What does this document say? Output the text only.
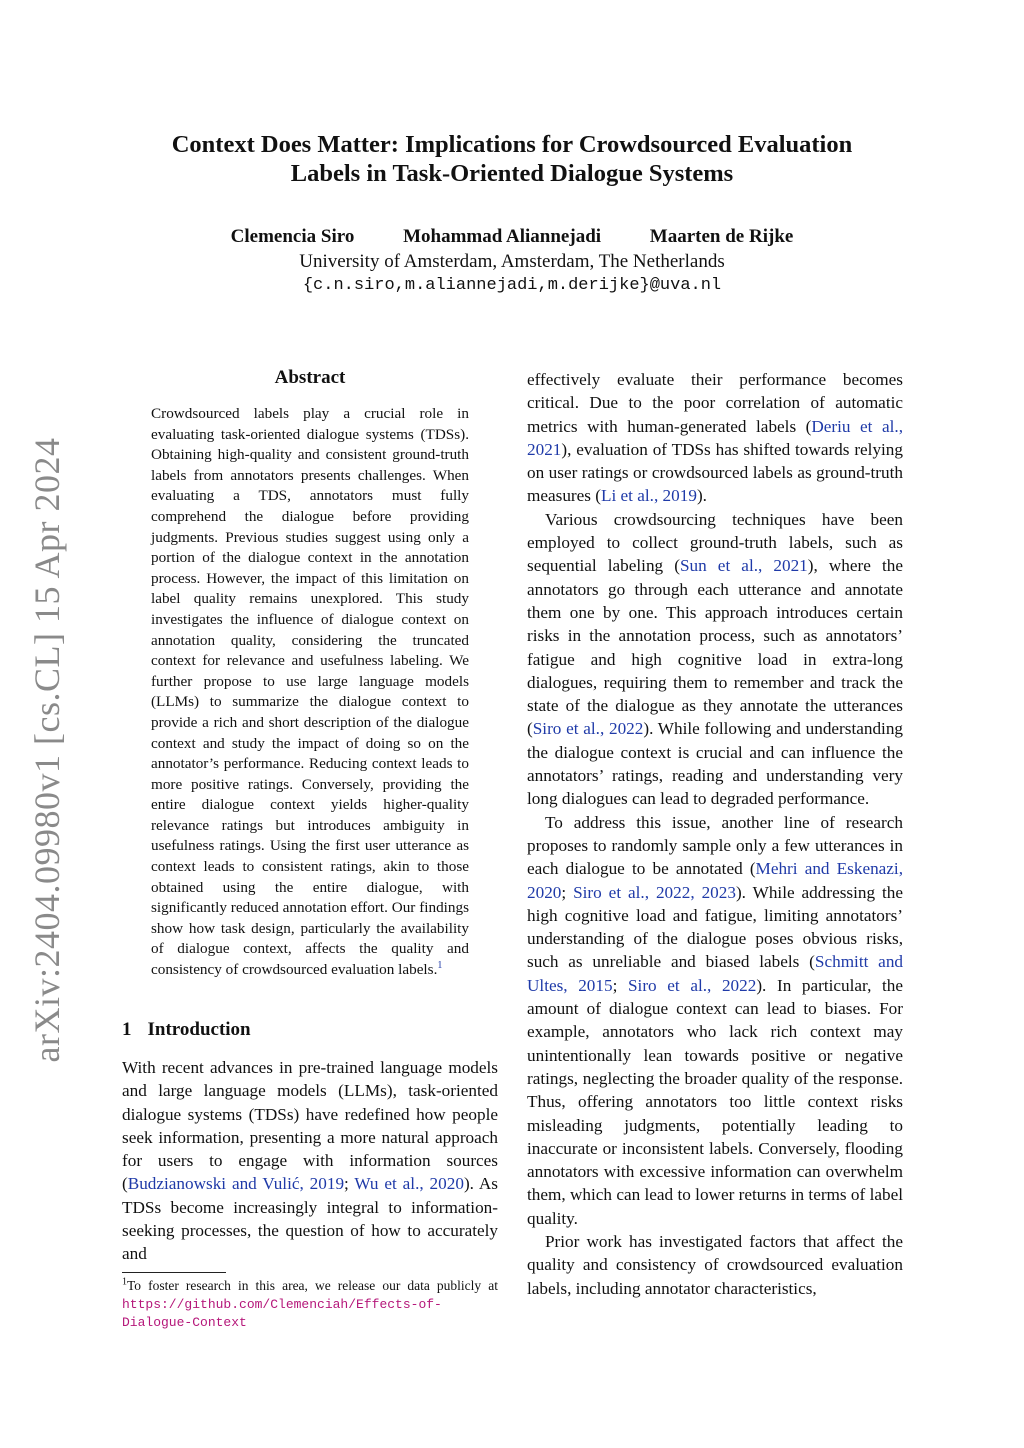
arXiv:2404.09980v1 [cs.CL] 15 Apr 2024
Context Does Matter: Implications for Crowdsourced Evaluation
Labels in Task-Oriented Dialogue Systems
Clemencia Siro	Mohammad Aliannejadi	Maarten de Rijke
University of Amsterdam, Amsterdam, The Netherlands
{c.n.siro,m.aliannejadi,m.derijke}@uva.nl
Abstract
Crowdsourced labels play a crucial role in evaluating task-oriented dialogue systems (TDSs). Obtaining high-quality and consistent ground-truth labels from annotators presents challenges. When evaluating a TDS, annotators must fully comprehend the dialogue before providing judgments. Previous studies suggest using only a portion of the dialogue context in the annotation process. However, the impact of this limitation on label quality remains unexplored. This study investigates the influence of dialogue context on annotation quality, considering the truncated context for relevance and usefulness labeling. We further propose to use large language models (LLMs) to summarize the dialogue context to provide a rich and short description of the dialogue context and study the impact of doing so on the annotator’s performance. Reducing context leads to more positive ratings. Conversely, providing the entire dialogue context yields higher-quality relevance ratings but introduces ambiguity in usefulness ratings. Using the first user utterance as context leads to consistent ratings, akin to those obtained using the entire dialogue, with significantly reduced annotation effort. Our findings show how task design, particularly the availability of dialogue context, affects the quality and consistency of crowdsourced evaluation labels.$^1$
1 Introduction

With recent advances in pre-trained language models and large language models (LLMs), task-oriented dialogue systems (TDSs) have redefined how people seek information, presenting a more natural approach for users to engage with information sources (Budzianowski and Vulić, 2019; Wu et al., 2020). As TDSs become increasingly integral to information-seeking processes, the question of how to accurately and

$^1$To foster research in this area, we release our data publicly at https://github.com/Clemenciah/Effects-of-Dialogue-Context

effectively evaluate their performance becomes critical. Due to the poor correlation of automatic metrics with human-generated labels (Deriu et al., 2021), evaluation of TDSs has shifted towards relying on user ratings or crowdsourced labels as ground-truth measures (Li et al., 2019).

Various crowdsourcing techniques have been employed to collect ground-truth labels, such as sequential labeling (Sun et al., 2021), where the annotators go through each utterance and annotate them one by one. This approach introduces certain risks in the annotation process, such as annotators’ fatigue and high cognitive load in extra-long dialogues, requiring them to remember and track the state of the dialogue as they annotate the utterances (Siro et al., 2022). While following and understanding the dialogue context is crucial and can influence the annotators’ ratings, reading and understanding very long dialogues can lead to degraded performance.

To address this issue, another line of research proposes to randomly sample only a few utterances in each dialogue to be annotated (Mehri and Eskenazi, 2020; Siro et al., 2022, 2023). While addressing the high cognitive load and fatigue, limiting annotators’ understanding of the dialogue poses obvious risks, such as unreliable and biased labels (Schmitt and Ultes, 2015; Siro et al., 2022). In particular, the amount of dialogue context can lead to biases. For example, annotators who lack rich context may unintentionally lean towards positive or negative ratings, neglecting the broader quality of the response. Thus, offering annotators too little context risks misleading judgments, potentially leading to inaccurate or inconsistent labels. Conversely, flooding annotators with excessive information can overwhelm them, which can lead to lower returns in terms of label quality.

Prior work has investigated factors that affect the quality and consistency of crowdsourced evaluation labels, including annotator characteristics,
